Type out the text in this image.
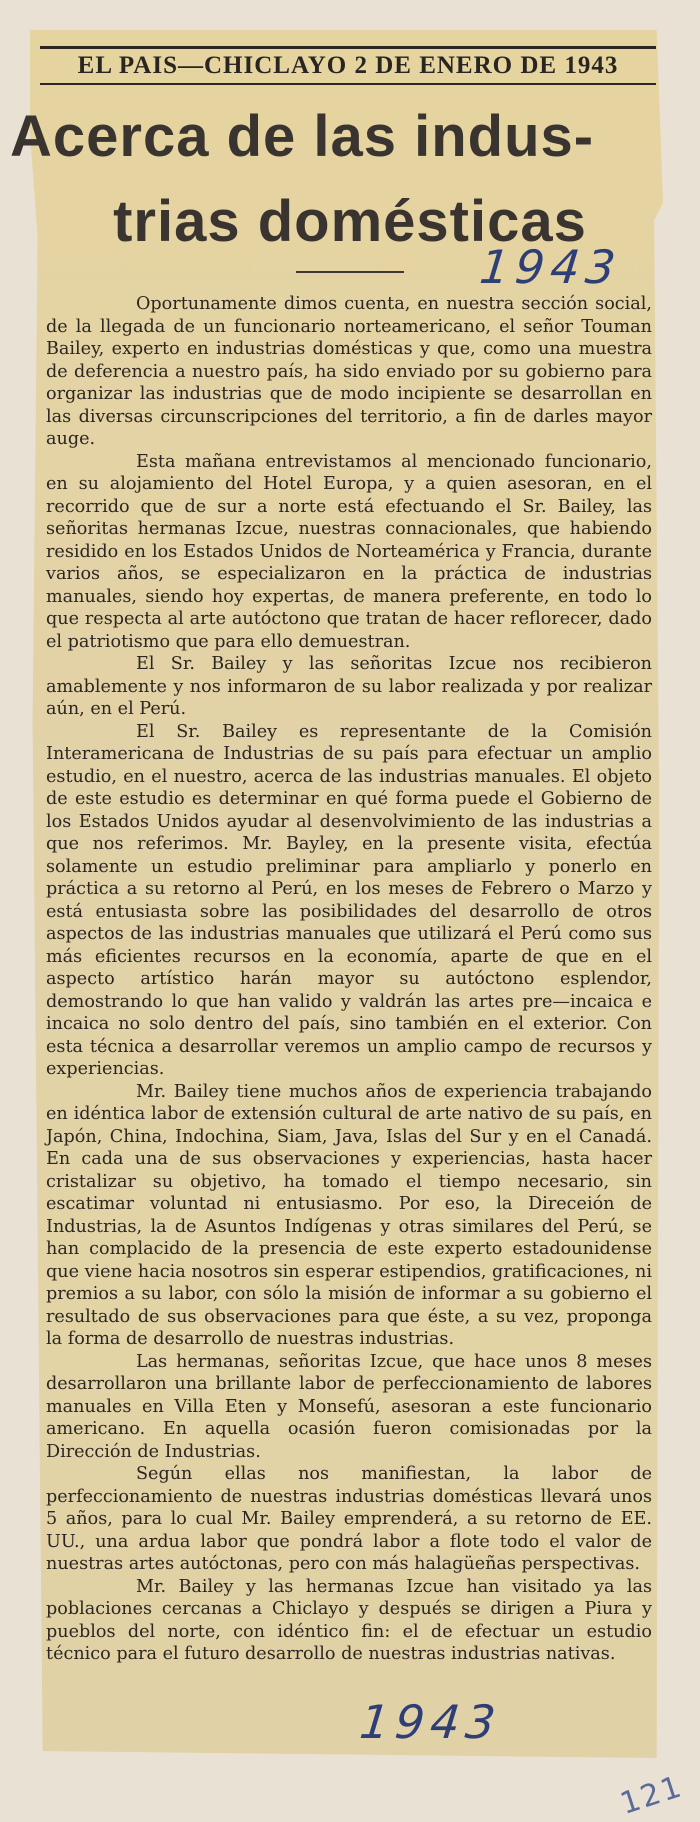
EL PAIS—CHICLAYO 2 DE ENERO DE 1943
Acerca de las indus-
trias domésticas
1943

Oportunamente dimos cuenta, en nuestra sección social, de la llegada de un funcionario norteamericano, el señor Touman Bailey, experto en industrias domésticas y que, como una muestra de deferencia a nuestro país, ha sido enviado por su gobierno para organizar las industrias que de modo incipiente se desarrollan en las diversas circunscripciones del territorio, a fin de darles mayor auge.

Esta mañana entrevistamos al mencionado funcionario, en su alojamiento del Hotel Europa, y a quien asesoran, en el recorrido que de sur a norte está efectuando el Sr. Bailey, las señoritas hermanas Izcue, nuestras connacionales, que habiendo residido en los Estados Unidos de Norteamérica y Francia, durante varios años, se especializaron en la práctica de industrias manuales, siendo hoy expertas, de manera preferente, en todo lo que respecta al arte autóctono que tratan de hacer reflorecer, dado el patriotismo que para ello demuestran.

El Sr. Bailey y las señoritas Izcue nos recibieron amablemente y nos informaron de su labor realizada y por realizar aún, en el Perú.

El Sr. Bailey es representante de la Comisión Interamericana de Industrias de su país para efectuar un amplio estudio, en el nuestro, acerca de las industrias manuales. El objeto de este estudio es determinar en qué forma puede el Gobierno de los Estados Unidos ayudar al desenvolvimiento de las industrias a que nos referimos. Mr. Bayley, en la presente visita, efectúa solamente un estudio preliminar para ampliarlo y ponerlo en práctica a su retorno al Perú, en los meses de Febrero o Marzo y está entusiasta sobre las posibilidades del desarrollo de otros aspectos de las industrias manuales que utilizará el Perú como sus más eficientes recursos en la economía, aparte de que en el aspecto artístico harán mayor su autóctono esplendor, demostrando lo que han valido y valdrán las artes pre—incaica e incaica no solo dentro del país, sino también en el exterior. Con esta técnica a desarrollar veremos un amplio campo de recursos y experiencias.

Mr. Bailey tiene muchos años de experiencia trabajando en idéntica labor de extensión cultural de arte nativo de su país, en Japón, China, Indochina, Siam, Java, Islas del Sur y en el Canadá. En cada una de sus observaciones y experiencias, hasta hacer cristalizar su objetivo, ha tomado el tiempo necesario, sin escatimar voluntad ni entusiasmo. Por eso, la Direceión de Industrias, la de Asuntos Indígenas y otras similares del Perú, se han complacido de la presencia de este experto estadounidense que viene hacia nosotros sin esperar estipendios, gratificaciones, ni premios a su labor, con sólo la misión de informar a su gobierno el resultado de sus observaciones para que éste, a su vez, proponga la forma de desarrollo de nuestras industrias.

Las hermanas, señoritas Izcue, que hace unos 8 meses desarrollaron una brillante labor de perfeccionamiento de labores manuales en Villa Eten y Monsefú, asesoran a este funcionario americano. En aquella ocasión fueron comisionadas por la Dirección de Industrias.

Según ellas nos manifiestan, la labor de perfeccionamiento de nuestras industrias domésticas llevará unos 5 años, para lo cual Mr. Bailey emprenderá, a su retorno de EE. UU., una ardua labor que pondrá labor a flote todo el valor de nuestras artes autóctonas, pero con más halagüeñas perspectivas.

Mr. Bailey y las hermanas Izcue han visitado ya las poblaciones cercanas a Chiclayo y después se dirigen a Piura y pueblos del norte, con idéntico fin: el de efectuar un estudio técnico para el futuro desarrollo de nuestras industrias nativas.

1943
121
